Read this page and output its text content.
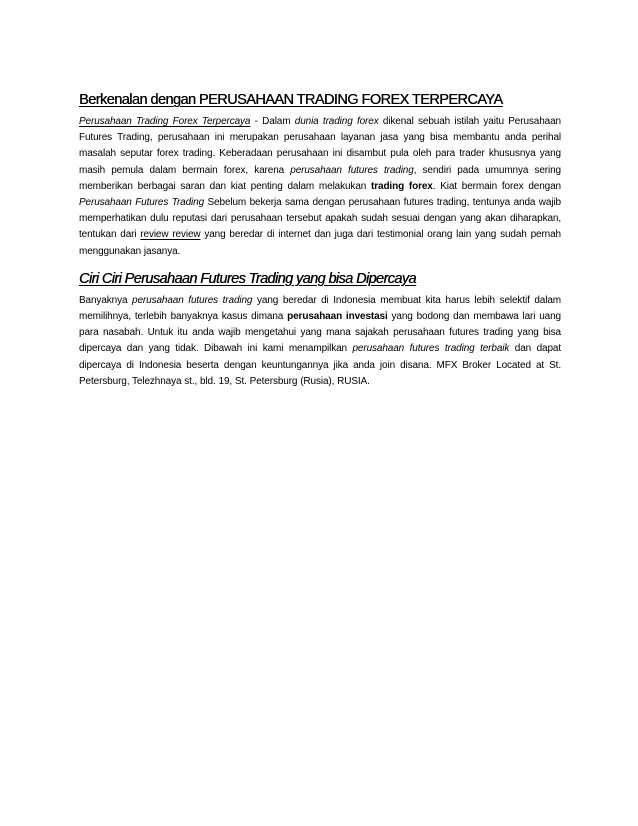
Berkenalan dengan PERUSAHAAN TRADING FOREX TERPERCAYA

Perusahaan Trading Forex Terpercaya - Dalam dunia trading forex dikenal sebuah istilah yaitu Perusahaan Futures Trading, perusahaan ini merupakan perusahaan layanan jasa yang bisa membantu anda perihal masalah seputar forex trading. Keberadaan perusahaan ini disambut pula oleh para trader khususnya yang masih pemula dalam bermain forex, karena perusahaan futures trading, sendiri pada umumnya sering memberikan berbagai saran dan kiat penting dalam melakukan trading forex. Kiat bermain forex dengan Perusahaan Futures Trading Sebelum bekerja sama dengan perusahaan futures trading, tentunya anda wajib memperhatikan dulu reputasi dari perusahaan tersebut apakah sudah sesuai dengan yang akan diharapkan, tentukan dari review review yang beredar di internet dan juga dari testimonial orang lain yang sudah pernah menggunakan jasanya.

Ciri Ciri Perusahaan Futures Trading yang bisa Dipercaya

Banyaknya perusahaan futures trading yang beredar di Indonesia membuat kita harus lebih selektif dalam memilihnya, terlebih banyaknya kasus dimana perusahaan investasi yang bodong dan membawa lari uang para nasabah. Untuk itu anda wajib mengetahui yang mana sajakah perusahaan futures trading yang bisa dipercaya dan yang tidak. Dibawah ini kami menampilkan perusahaan futures trading terbaik dan dapat dipercaya di Indonesia beserta dengan keuntungannya jika anda join disana. MFX Broker Located at St. Petersburg, Telezhnaya st., bld. 19, St. Petersburg (Rusia), RUSIA.
